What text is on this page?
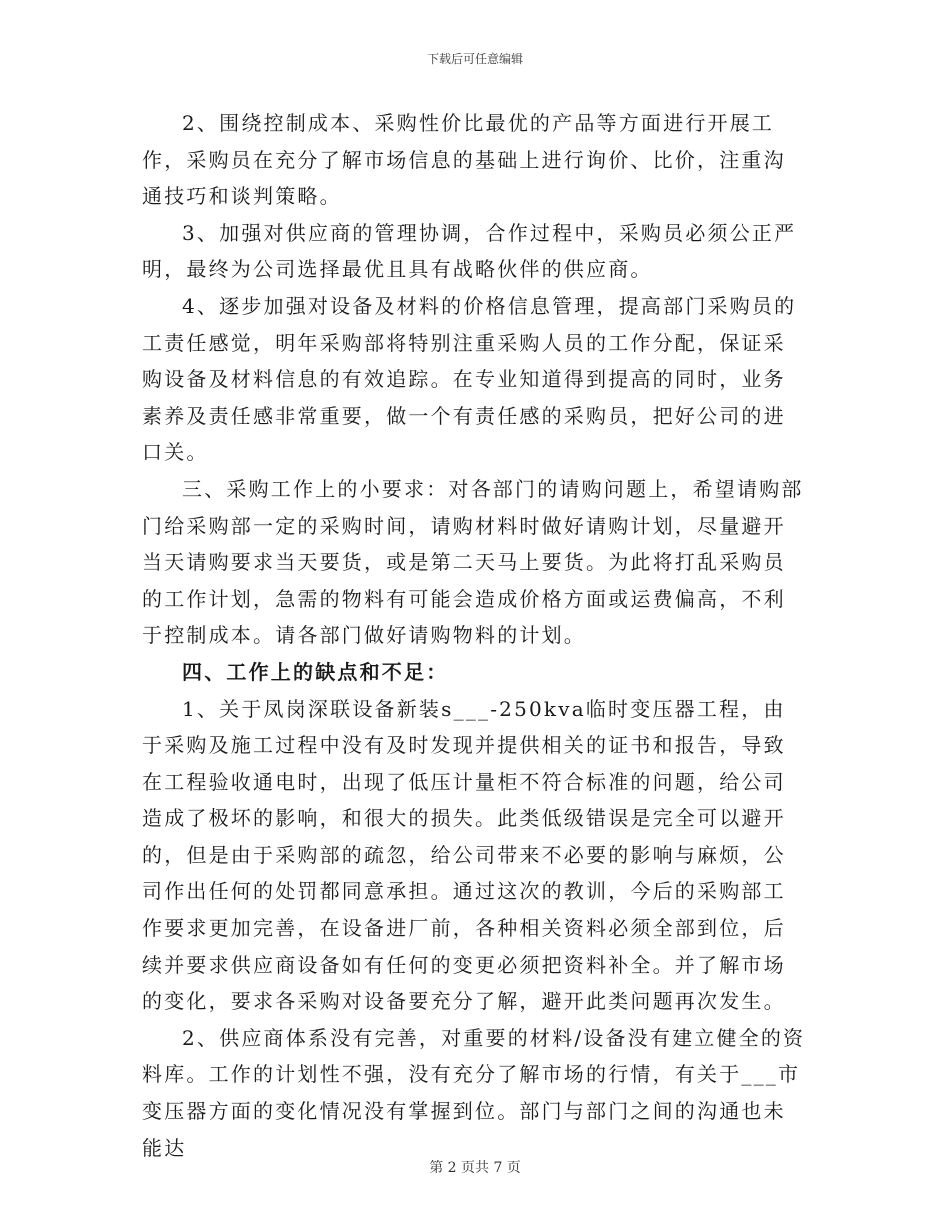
下载后可任意编辑

2、围绕控制成本、采购性价比最优的产品等方面进行开展工作，采购员在充分了解市场信息的基础上进行询价、比价，注重沟通技巧和谈判策略。

3、加强对供应商的管理协调，合作过程中，采购员必须公正严明，最终为公司选择最优且具有战略伙伴的供应商。

4、逐步加强对设备及材料的价格信息管理，提高部门采购员的工责任感觉，明年采购部将特别注重采购人员的工作分配，保证采购设备及材料信息的有效追踪。在专业知道得到提高的同时，业务素养及责任感非常重要，做一个有责任感的采购员，把好公司的进口关。

三、采购工作上的小要求：对各部门的请购问题上，希望请购部门给采购部一定的采购时间，请购材料时做好请购计划，尽量避开当天请购要求当天要货，或是第二天马上要货。为此将打乱采购员的工作计划，急需的物料有可能会造成价格方面或运费偏高，不利于控制成本。请各部门做好请购物料的计划。

四、工作上的缺点和不足：

1、关于凤岗深联设备新装s___-250kva临时变压器工程，由于采购及施工过程中没有及时发现并提供相关的证书和报告，导致在工程验收通电时，出现了低压计量柜不符合标准的问题，给公司造成了极坏的影响，和很大的损失。此类低级错误是完全可以避开的，但是由于采购部的疏忽，给公司带来不必要的影响与麻烦，公司作出任何的处罚都同意承担。通过这次的教训，今后的采购部工作要求更加完善，在设备进厂前，各种相关资料必须全部到位，后续并要求供应商设备如有任何的变更必须把资料补全。并了解市场的变化，要求各采购对设备要充分了解，避开此类问题再次发生。

2、供应商体系没有完善，对重要的材料/设备没有建立健全的资料库。工作的计划性不强，没有充分了解市场的行情，有关于___市变压器方面的变化情况没有掌握到位。部门与部门之间的沟通也未能达

第 2 页共 7 页
